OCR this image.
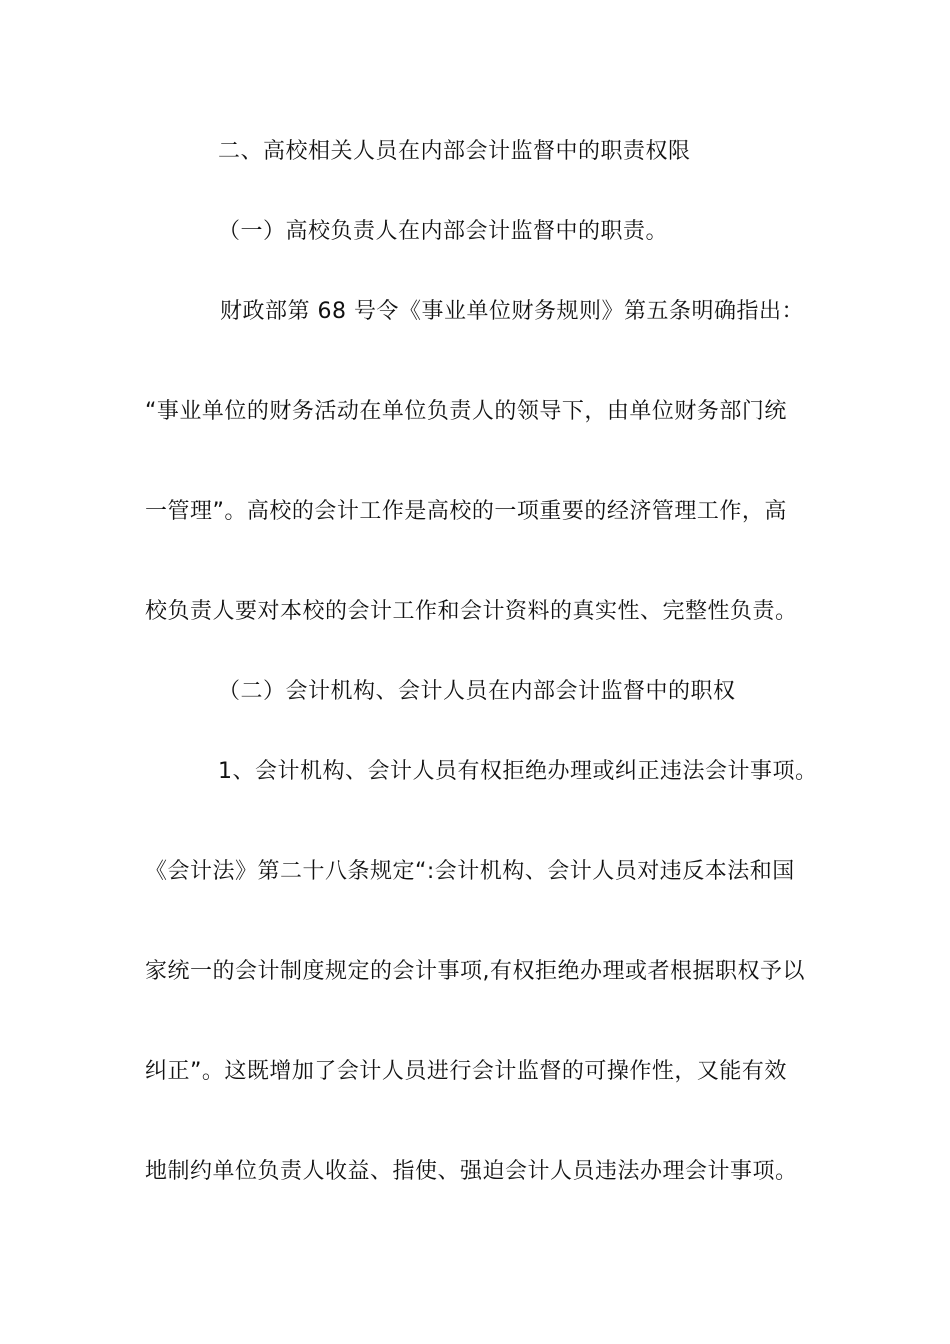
二、高校相关人员在内部会计监督中的职责权限
（一）高校负责人在内部会计监督中的职责。
财政部第 68 号令《事业单位财务规则》第五条明确指出：
“事业单位的财务活动在单位负责人的领导下，由单位财务部门统
一管理”。高校的会计工作是高校的一项重要的经济管理工作，高
校负责人要对本校的会计工作和会计资料的真实性、完整性负责。
（二）会计机构、会计人员在内部会计监督中的职权
1、会计机构、会计人员有权拒绝办理或纠正违法会计事项。
《会计法》第二十八条规定“:会计机构、会计人员对违反本法和国
家统一的会计制度规定的会计事项,有权拒绝办理或者根据职权予以
纠正”。这既增加了会计人员进行会计监督的可操作性，又能有效
地制约单位负责人收益、指使、强迫会计人员违法办理会计事项。
